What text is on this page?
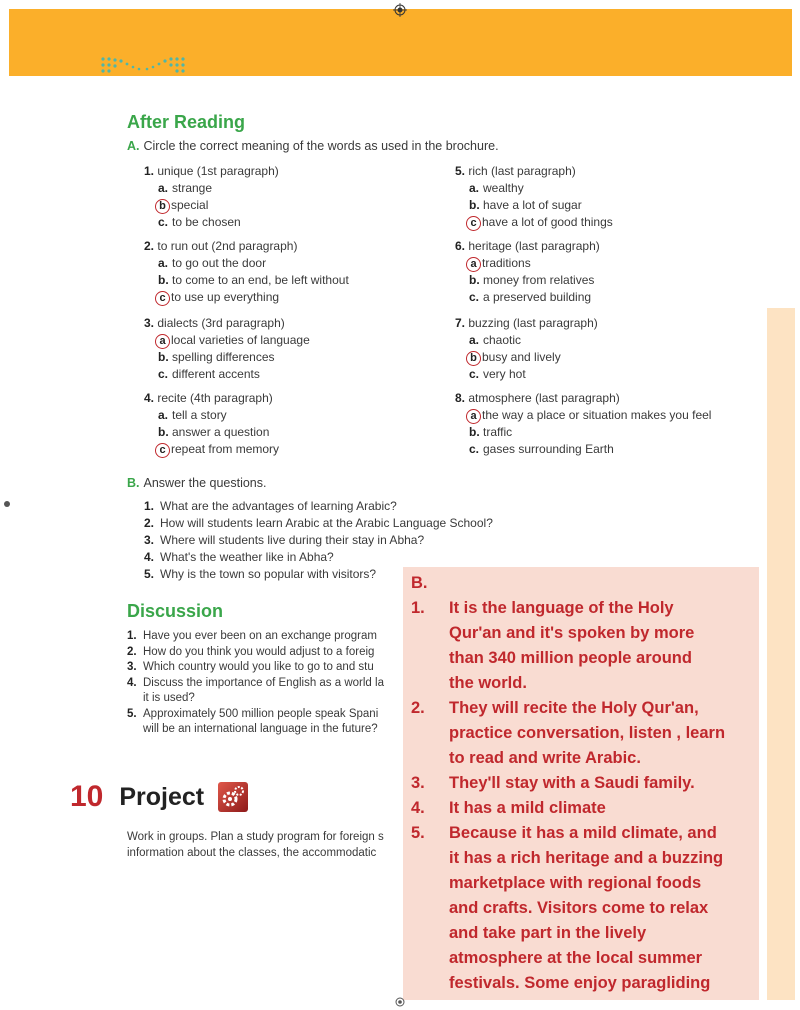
After Reading
A. Circle the correct meaning of the words as used in the brochure.
1. unique (1st paragraph)
a. strange
b special
c. to be chosen
2. to run out (2nd paragraph)
a. to go out the door
b. to come to an end, be left without
c to use up everything
3. dialects (3rd paragraph)
a local varieties of language
b. spelling differences
c. different accents
4. recite (4th paragraph)
a. tell a story
b. answer a question
c repeat from memory
5. rich (last paragraph)
a. wealthy
b. have a lot of sugar
c have a lot of good things
6. heritage (last paragraph)
a traditions
b. money from relatives
c. a preserved building
7. buzzing (last paragraph)
a. chaotic
b busy and lively
c. very hot
8. atmosphere (last paragraph)
a the way a place or situation makes you feel
b. traffic
c. gases surrounding Earth
B. Answer the questions.
1. What are the advantages of learning Arabic?
2. How will students learn Arabic at the Arabic Language School?
3. Where will students live during their stay in Abha?
4. What's the weather like in Abha?
5. Why is the town so popular with visitors?
Discussion
1. Have you ever been on an exchange program
2. How do you think you would adjust to a foreig
3. Which country would you like to go to and stu
4. Discuss the importance of English as a world la
it is used?
5. Approximately 500 million people speak Spani
will be an international language in the future?
10 Project
Work in groups. Plan a study program for foreign s
information about the classes, the accommodatic
B.
1.	It is the language of the Holy
Qur'an and it's spoken by more
than 340 million people around
the world.
2.	They will recite the Holy Qur'an,
practice conversation, listen , learn
to read and write Arabic.
3.	They'll stay with a Saudi family.
4.	It has a mild climate
5.	Because it has a mild climate, and
it has a rich heritage and a buzzing
marketplace with regional foods
and crafts. Visitors come to relax
and take part in the lively
atmosphere at the local summer
festivals. Some enjoy paragliding
